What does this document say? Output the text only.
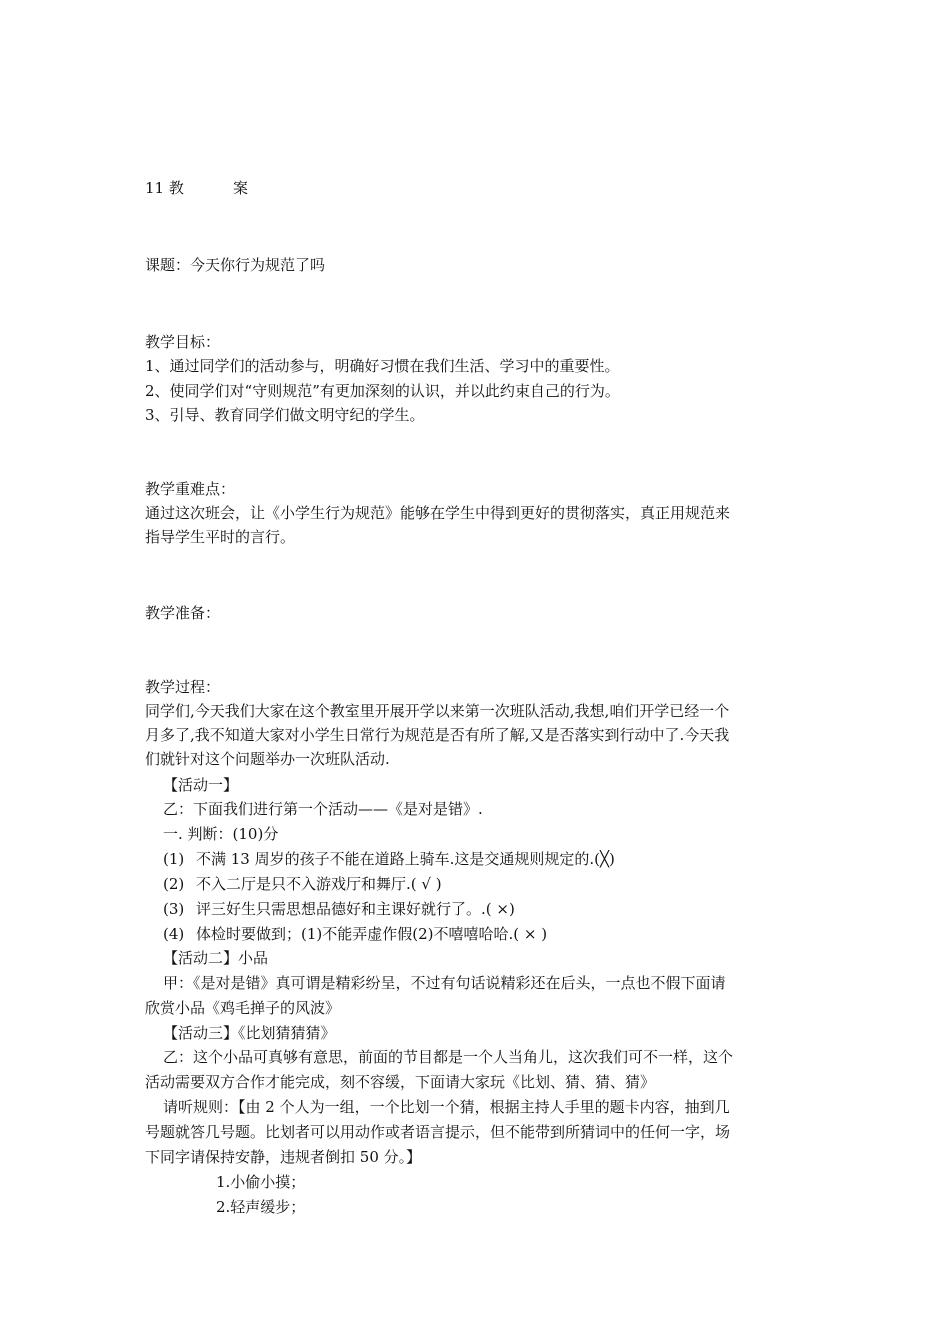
11 教	案
课题：今天你行为规范了吗
教学目标：
1、通过同学们的活动参与，明确好习惯在我们生活、学习中的重要性。
2、使同学们对“守则规范”有更加深刻的认识，并以此约束自己的行为。
3、引导、教育同学们做文明守纪的学生。
教学重难点：
通过这次班会，让《小学生行为规范》能够在学生中得到更好的贯彻落实，真正用规范来
指导学生平时的言行。
教学准备：
教学过程：
同学们,今天我们大家在这个教室里开展开学以来第一次班队活动,我想,咱们开学已经一个
月多了,我不知道大家对小学生日常行为规范是否有所了解,又是否落实到行动中了.今天我
们就针对这个问题举办一次班队活动.
【活动一】
乙：下面我们进行第一个活动——《是对是错》.
一. 判断：(10)分
(1) 不满 13 周岁的孩子不能在道路上骑车.这是交通规则规定的.(╳)
(2) 不入二厅是只不入游戏厅和舞厅.( √ )
(3) 评三好生只需思想品德好和主课好就行了。.( ×)
(4) 体检时要做到；(1)不能弄虚作假(2)不嘻嘻哈哈.( × )
【活动二】小品
甲：《是对是错》真可谓是精彩纷呈，不过有句话说精彩还在后头，一点也不假下面请
欣赏小品《鸡毛掸子的风波》
【活动三】《比划猜猜猜》
乙：这个小品可真够有意思，前面的节目都是一个人当角儿，这次我们可不一样，这个
活动需要双方合作才能完成，刻不容缓，下面请大家玩《比划、猜、猜、猜》
请听规则：【由 2 个人为一组，一个比划一个猜，根据主持人手里的题卡内容，抽到几
号题就答几号题。比划者可以用动作或者语言提示，但不能带到所猜词中的任何一字，场
下同字请保持安静，违规者倒扣 50 分。】
1.小偷小摸；
2.轻声缓步；
